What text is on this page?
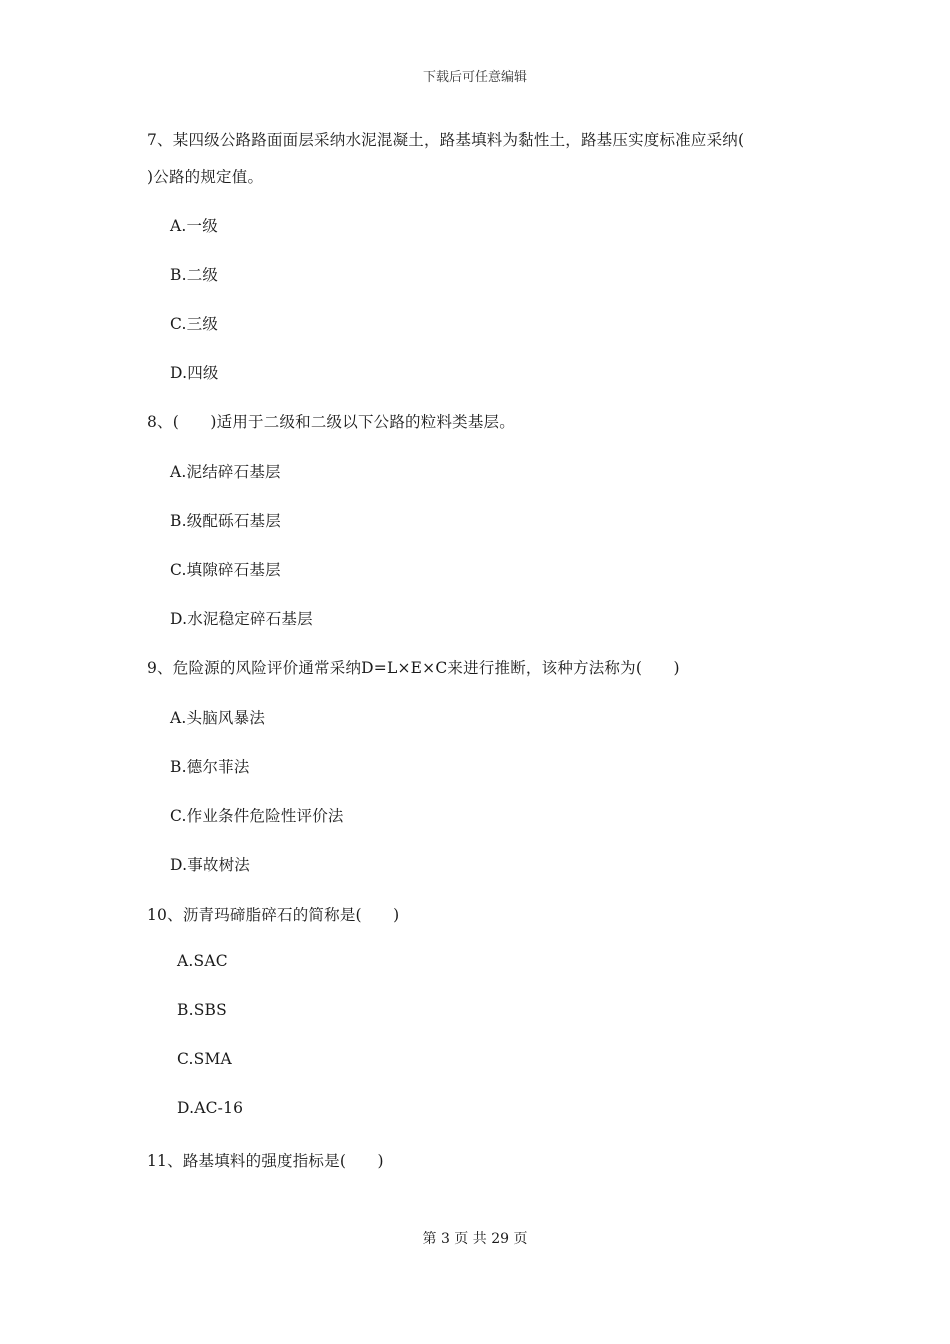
下载后可任意编辑
7、某四级公路路面面层采纳水泥混凝土，路基填料为黏性土，路基压实度标准应采纳(
)公路的规定值。
A.一级
B.二级
C.三级
D.四级
8、(　　)适用于二级和二级以下公路的粒料类基层。
A.泥结碎石基层
B.级配砾石基层
C.填隙碎石基层
D.水泥稳定碎石基层
9、危险源的风险评价通常采纳D=L×E×C来进行推断，该种方法称为(　　)
A.头脑风暴法
B.德尔菲法
C.作业条件危险性评价法
D.事故树法
10、沥青玛碲脂碎石的简称是(　　)
A.SAC
B.SBS
C.SMA
D.AC-16
11、路基填料的强度指标是(　　)
第 3 页 共 29 页
